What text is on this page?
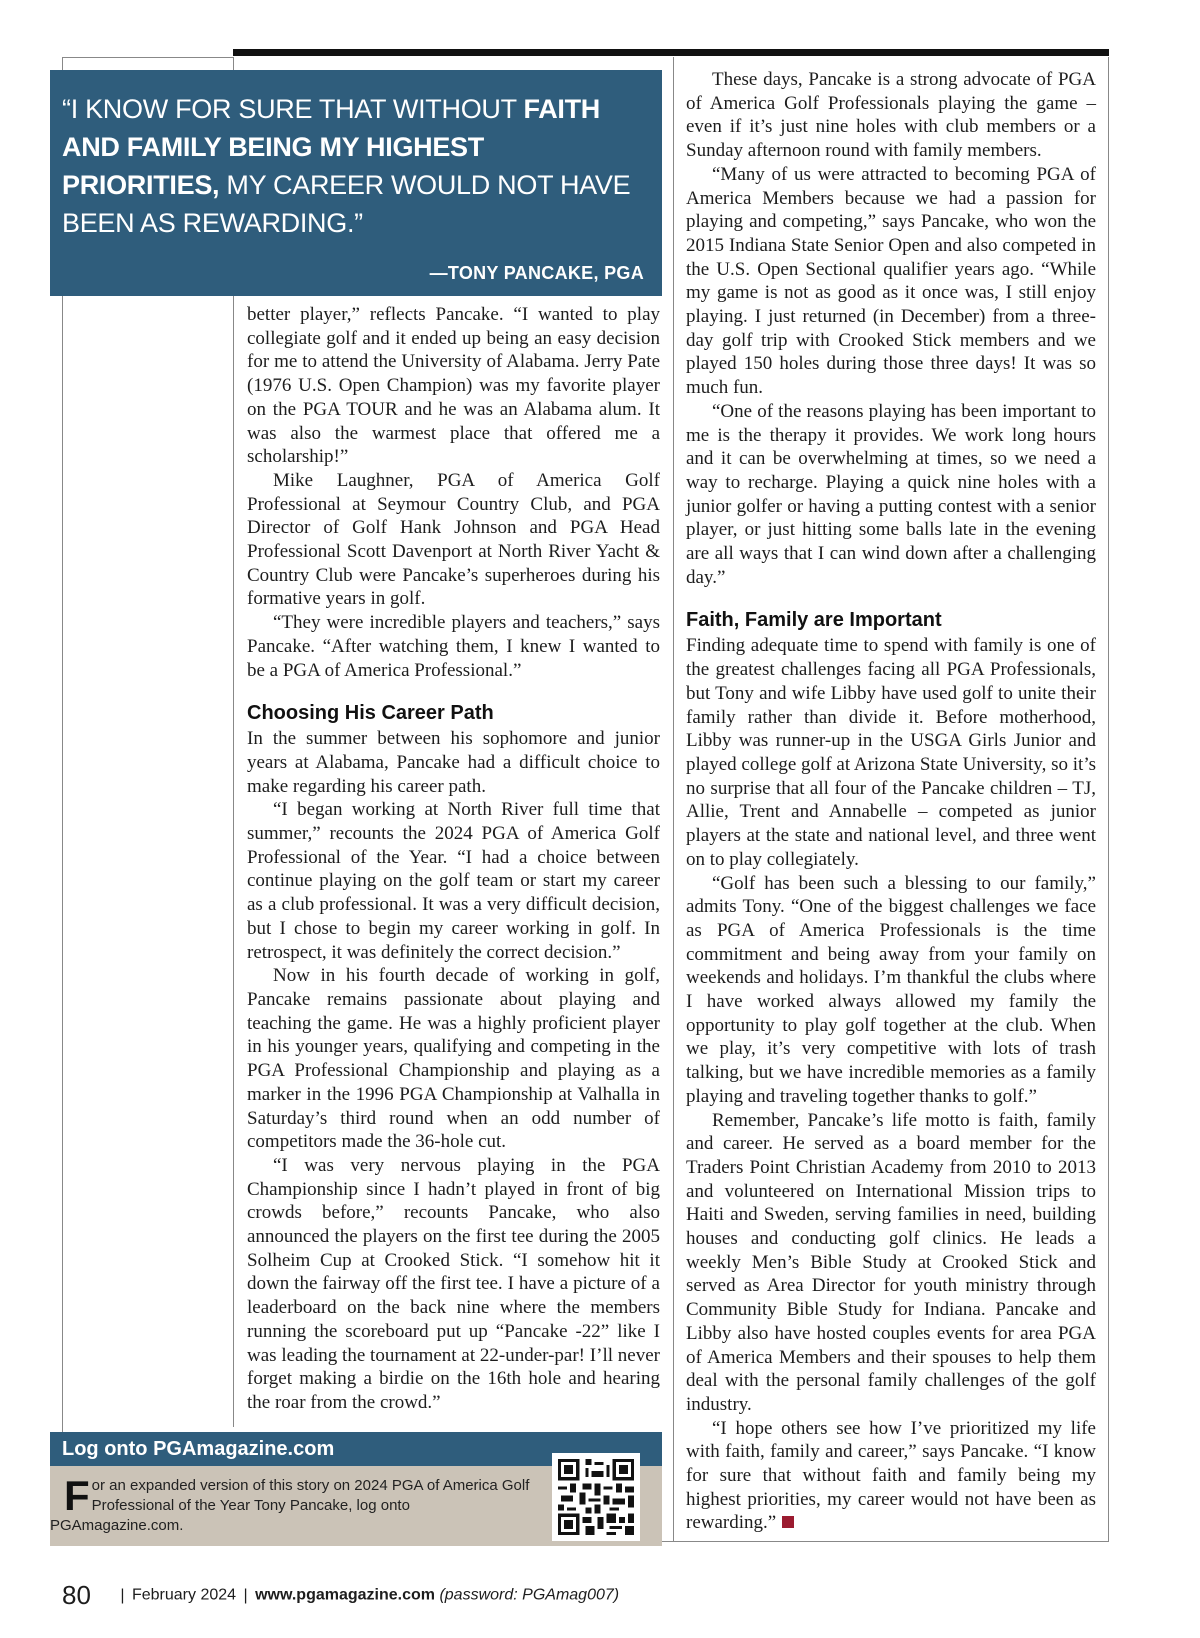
“I KNOW FOR SURE THAT WITHOUT FAITH AND FAMILY BEING MY HIGHEST PRIORITIES, MY CAREER WOULD NOT HAVE BEEN AS REWARDING.”

—TONY PANCAKE, PGA

better player,” reflects Pancake. “I wanted to play collegiate golf and it ended up being an easy decision for me to attend the University of Alabama. Jerry Pate (1976 U.S. Open Champion) was my favorite player on the PGA TOUR and he was an Alabama alum. It was also the warmest place that offered me a scholarship!”

Mike Laughner, PGA of America Golf Professional at Seymour Country Club, and PGA Director of Golf Hank Johnson and PGA Head Professional Scott Davenport at North River Yacht & Country Club were Pancake’s superheroes during his formative years in golf.

“They were incredible players and teachers,” says Pancake. “After watching them, I knew I wanted to be a PGA of America Professional.”

Choosing His Career Path

In the summer between his sophomore and junior years at Alabama, Pancake had a difficult choice to make regarding his career path.

“I began working at North River full time that summer,” recounts the 2024 PGA of America Golf Professional of the Year. “I had a choice between continue playing on the golf team or start my career as a club professional. It was a very difficult decision, but I chose to begin my career working in golf. In retrospect, it was definitely the correct decision.”

Now in his fourth decade of working in golf, Pancake remains passionate about playing and teaching the game. He was a highly proficient player in his younger years, qualifying and competing in the PGA Professional Championship and playing as a marker in the 1996 PGA Championship at Valhalla in Saturday’s third round when an odd number of competitors made the 36-hole cut.

“I was very nervous playing in the PGA Championship since I hadn’t played in front of big crowds before,” recounts Pancake, who also announced the players on the first tee during the 2005 Solheim Cup at Crooked Stick. “I somehow hit it down the fairway off the first tee. I have a picture of a leaderboard on the back nine where the members running the scoreboard put up “Pancake -22” like I was leading the tournament at 22-under-par! I’ll never forget making a birdie on the 16th hole and hearing the roar from the crowd.”

These days, Pancake is a strong advocate of PGA of America Golf Professionals playing the game – even if it’s just nine holes with club members or a Sunday afternoon round with family members.

“Many of us were attracted to becoming PGA of America Members because we had a passion for playing and competing,” says Pancake, who won the 2015 Indiana State Senior Open and also competed in the U.S. Open Sectional qualifier years ago. “While my game is not as good as it once was, I still enjoy playing. I just returned (in December) from a three-day golf trip with Crooked Stick members and we played 150 holes during those three days! It was so much fun.

“One of the reasons playing has been important to me is the therapy it provides. We work long hours and it can be overwhelming at times, so we need a way to recharge. Playing a quick nine holes with a junior golfer or having a putting contest with a senior player, or just hitting some balls late in the evening are all ways that I can wind down after a challenging day.”

Faith, Family are Important

Finding adequate time to spend with family is one of the greatest challenges facing all PGA Professionals, but Tony and wife Libby have used golf to unite their family rather than divide it. Before motherhood, Libby was runner-up in the USGA Girls Junior and played college golf at Arizona State University, so it’s no surprise that all four of the Pancake children – TJ, Allie, Trent and Annabelle – competed as junior players at the state and national level, and three went on to play collegiately.

“Golf has been such a blessing to our family,” admits Tony. “One of the biggest challenges we face as PGA of America Professionals is the time commitment and being away from your family on weekends and holidays. I’m thankful the clubs where I have worked always allowed my family the opportunity to play golf together at the club. When we play, it’s very competitive with lots of trash talking, but we have incredible memories as a family playing and traveling together thanks to golf.”

Remember, Pancake’s life motto is faith, family and career. He served as a board member for the Traders Point Christian Academy from 2010 to 2013 and volunteered on International Mission trips to Haiti and Sweden, serving families in need, building houses and conducting golf clinics. He leads a weekly Men’s Bible Study at Crooked Stick and served as Area Director for youth ministry through Community Bible Study for Indiana. Pancake and Libby also have hosted couples events for area PGA of America Members and their spouses to help them deal with the personal family challenges of the golf industry.

“I hope others see how I’ve prioritized my life with faith, family and career,” says Pancake. “I know for sure that without faith and family being my highest priorities, my career would not have been as rewarding.”

Log onto PGAmagazine.com
F or an expanded version of this story on 2024 PGA of America Golf Professional of the Year Tony Pancake, log onto PGAmagazine.com.

80 | February 2024 | www.pgamagazine.com (password: PGAmag007)
